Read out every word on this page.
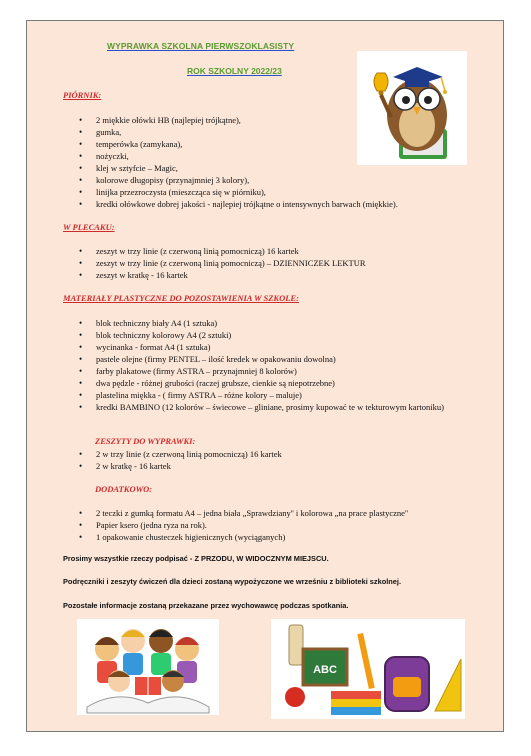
WYPRAWKA SZKOLNA PIERWSZOKLASISTY
ROK SZKOLNY 2022/23
PIÓRNIK:
• 2 miękkie ołówki HB (najlepiej trójkątne),
• gumka,
• temperówka (zamykana),
• nożyczki,
• klej w sztyfcie – Magic,
• kolorowe długopisy (przynajmniej 3 kolory),
• linijka przezroczysta (mieszcząca się w piórniku),
• kredki ołówkowe dobrej jakości - najlepiej trójkątne o intensywnych barwach (miękkie).
W PLECAKU:
• zeszyt w trzy linie (z czerwoną linią pomocniczą) 16 kartek
• zeszyt w trzy linie (z czerwoną linią pomocniczą) – DZIENNICZEK LEKTUR
• zeszyt w kratkę - 16 kartek
MATERIAŁY PLASTYCZNE DO POZOSTAWIENIA W SZKOLE:
• blok techniczny biały A4 (1 sztuka)
• blok techniczny kolorowy A4 (2 sztuki)
• wycinanka - format A4 (1 sztuka)
• pastele olejne (firmy PENTEL – ilość kredek w opakowaniu dowolna)
• farby plakatowe (firmy ASTRA – przynajmniej 8 kolorów)
• dwa pędzle - różnej grubości (raczej grubsze, cienkie są niepotrzebne)
• plastelina miękka - ( firmy ASTRA – różne kolory – maluje)
• kredki BAMBINO (12 kolorów – świecowe – gliniane, prosimy kupować te w tekturowym kartoniku)
ZESZYTY DO WYPRAWKI:
• 2 w trzy linie (z czerwoną linią pomocniczą) 16 kartek
• 2 w kratkę - 16 kartek
DODATKOWO:
• 2 teczki z gumką formatu A4 – jedna biała „Sprawdziany'' i kolorowa „na prace plastyczne''
• Papier ksero (jedna ryza na rok).
• 1 opakowanie chusteczek higienicznych (wyciąganych)
Prosimy wszystkie rzeczy podpisać - Z PRZODU, W WIDOCZNYM MIEJSCU.
Podręczniki i zeszyty ćwiczeń dla dzieci zostaną wypożyczone we wrześniu z biblioteki szkolnej.
Pozostałe informacje zostaną przekazane przez wychowawcę podczas spotkania.
ABC
